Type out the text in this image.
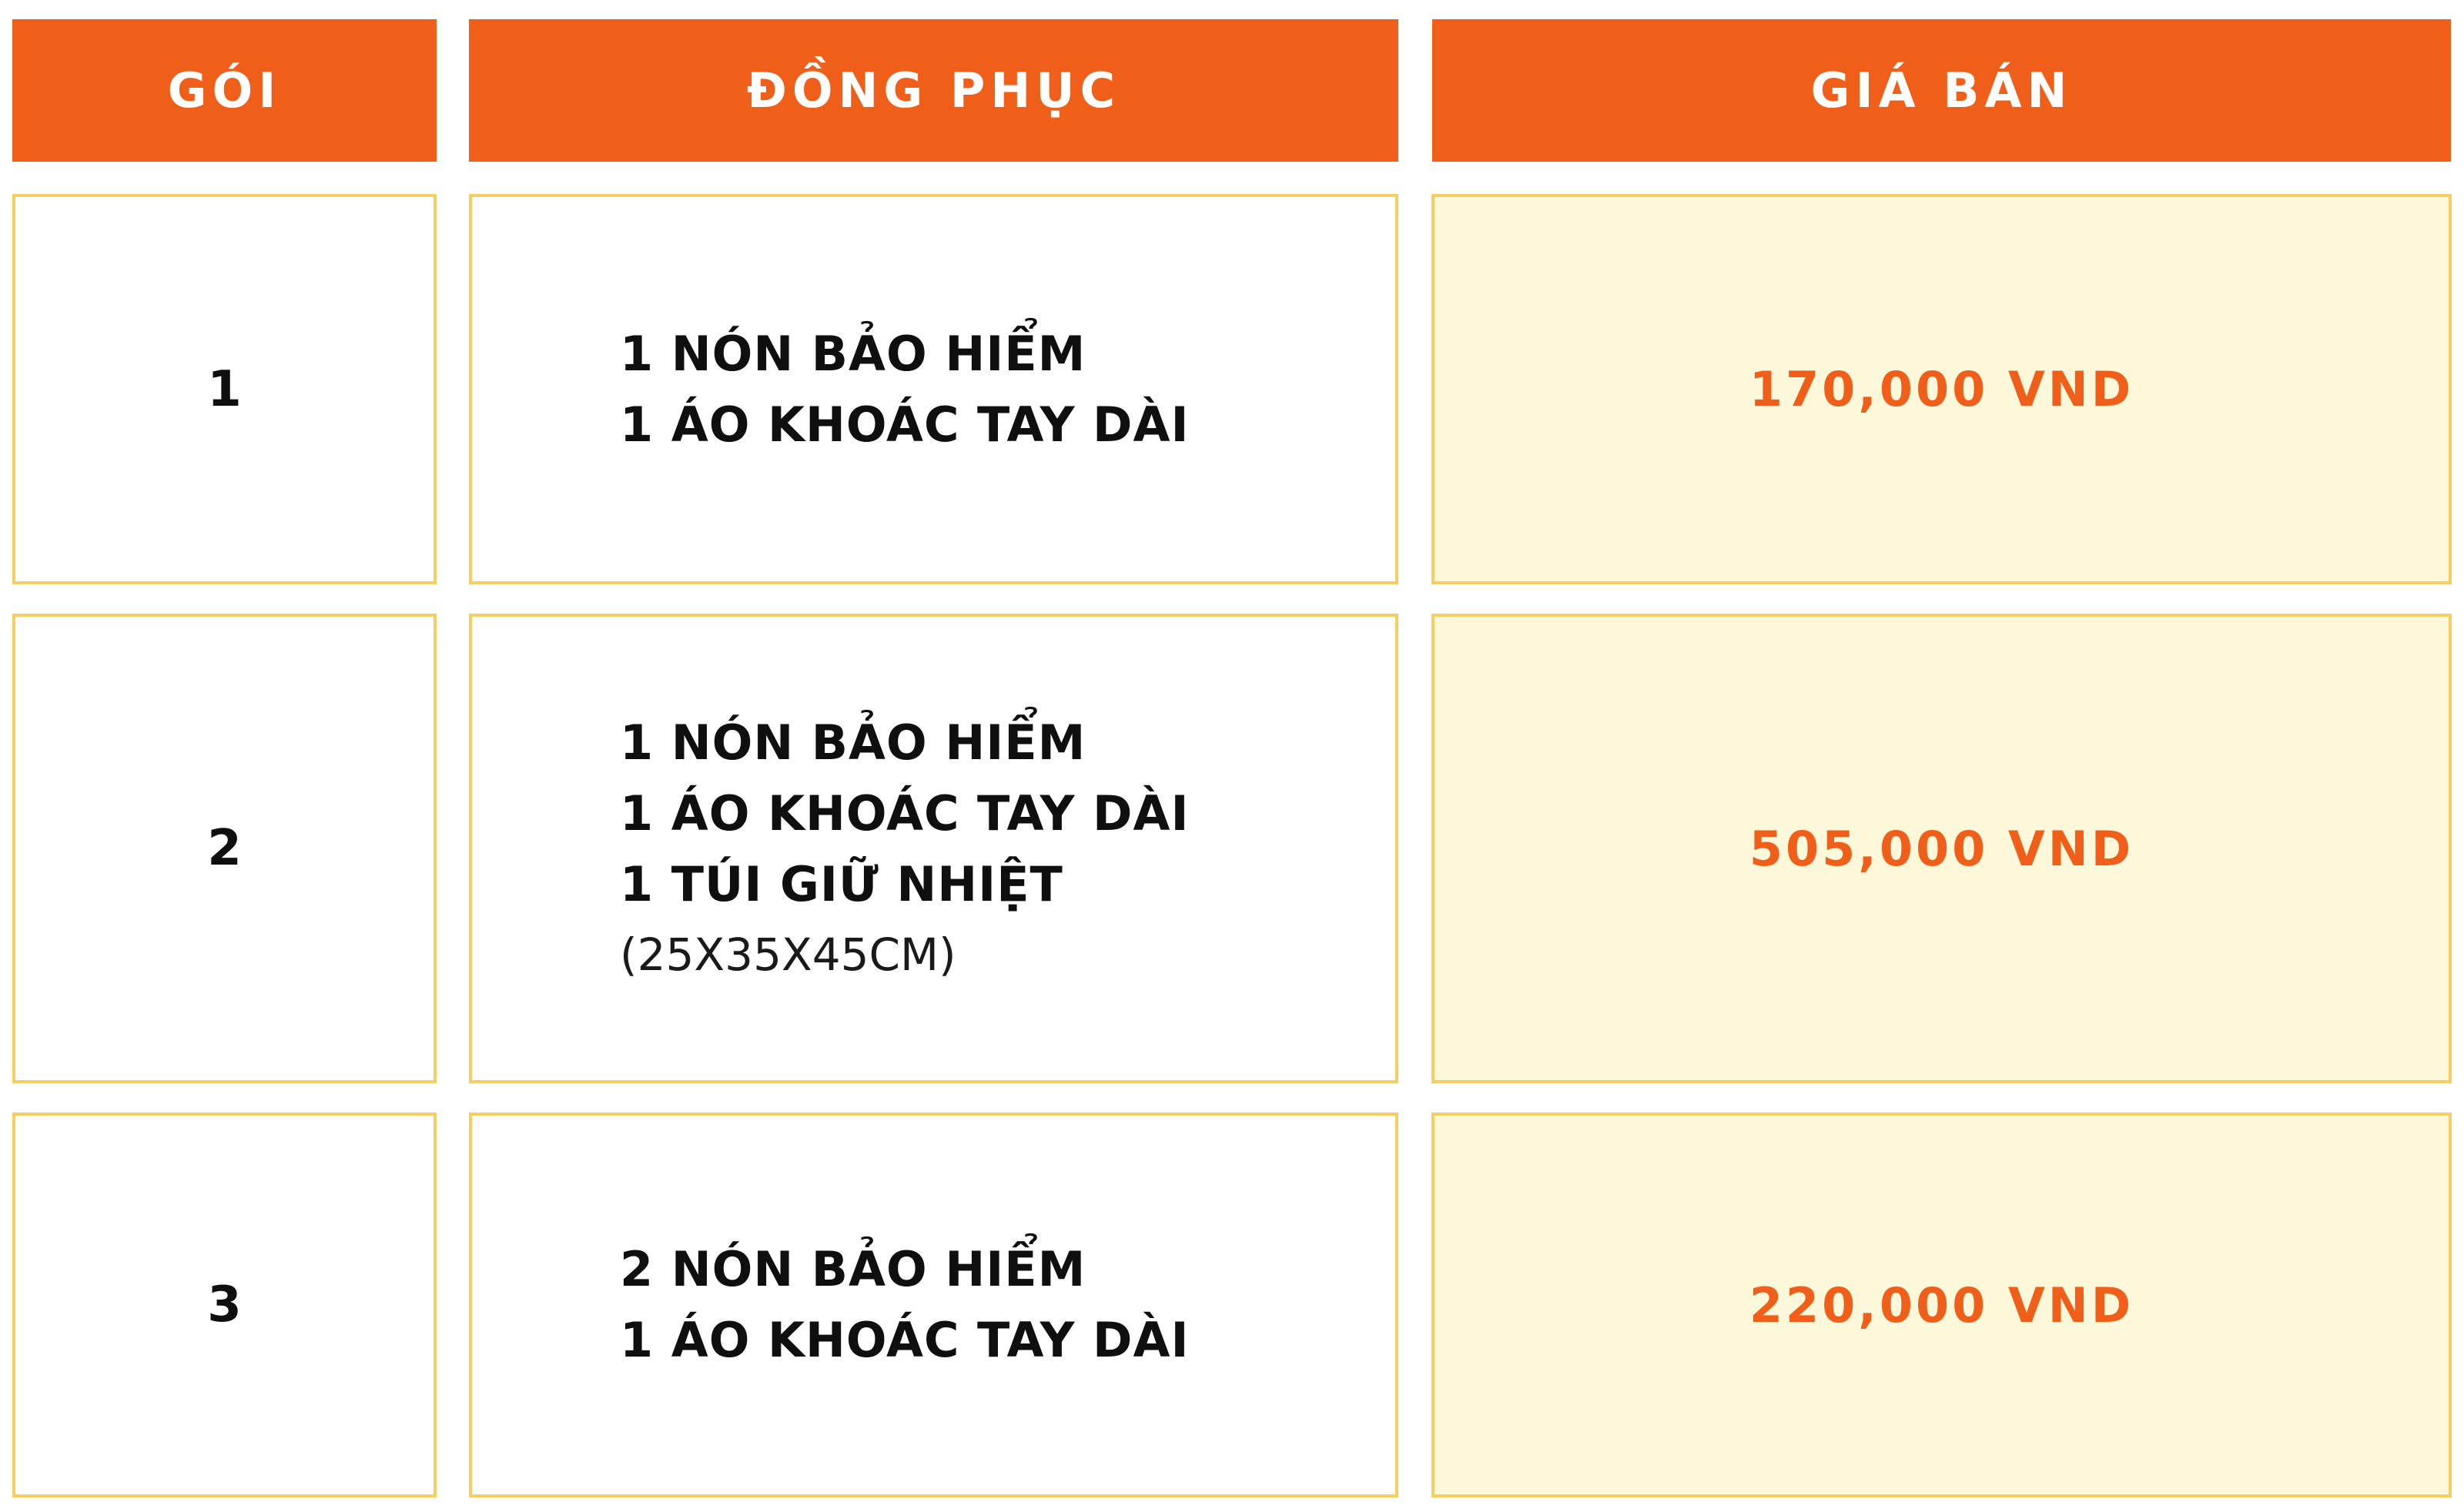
GÓI	ĐỒNG PHỤC	GIÁ BÁN
1
1 NÓN BẢO HIỂM
1 ÁO KHOÁC TAY DÀI
170,000 VND
2
1 NÓN BẢO HIỂM
1 ÁO KHOÁC TAY DÀI
1 TÚI GIỮ NHIỆT
(25X35X45CM)
505,000 VND
3
2 NÓN BẢO HIỂM
1 ÁO KHOÁC TAY DÀI
220,000 VND
